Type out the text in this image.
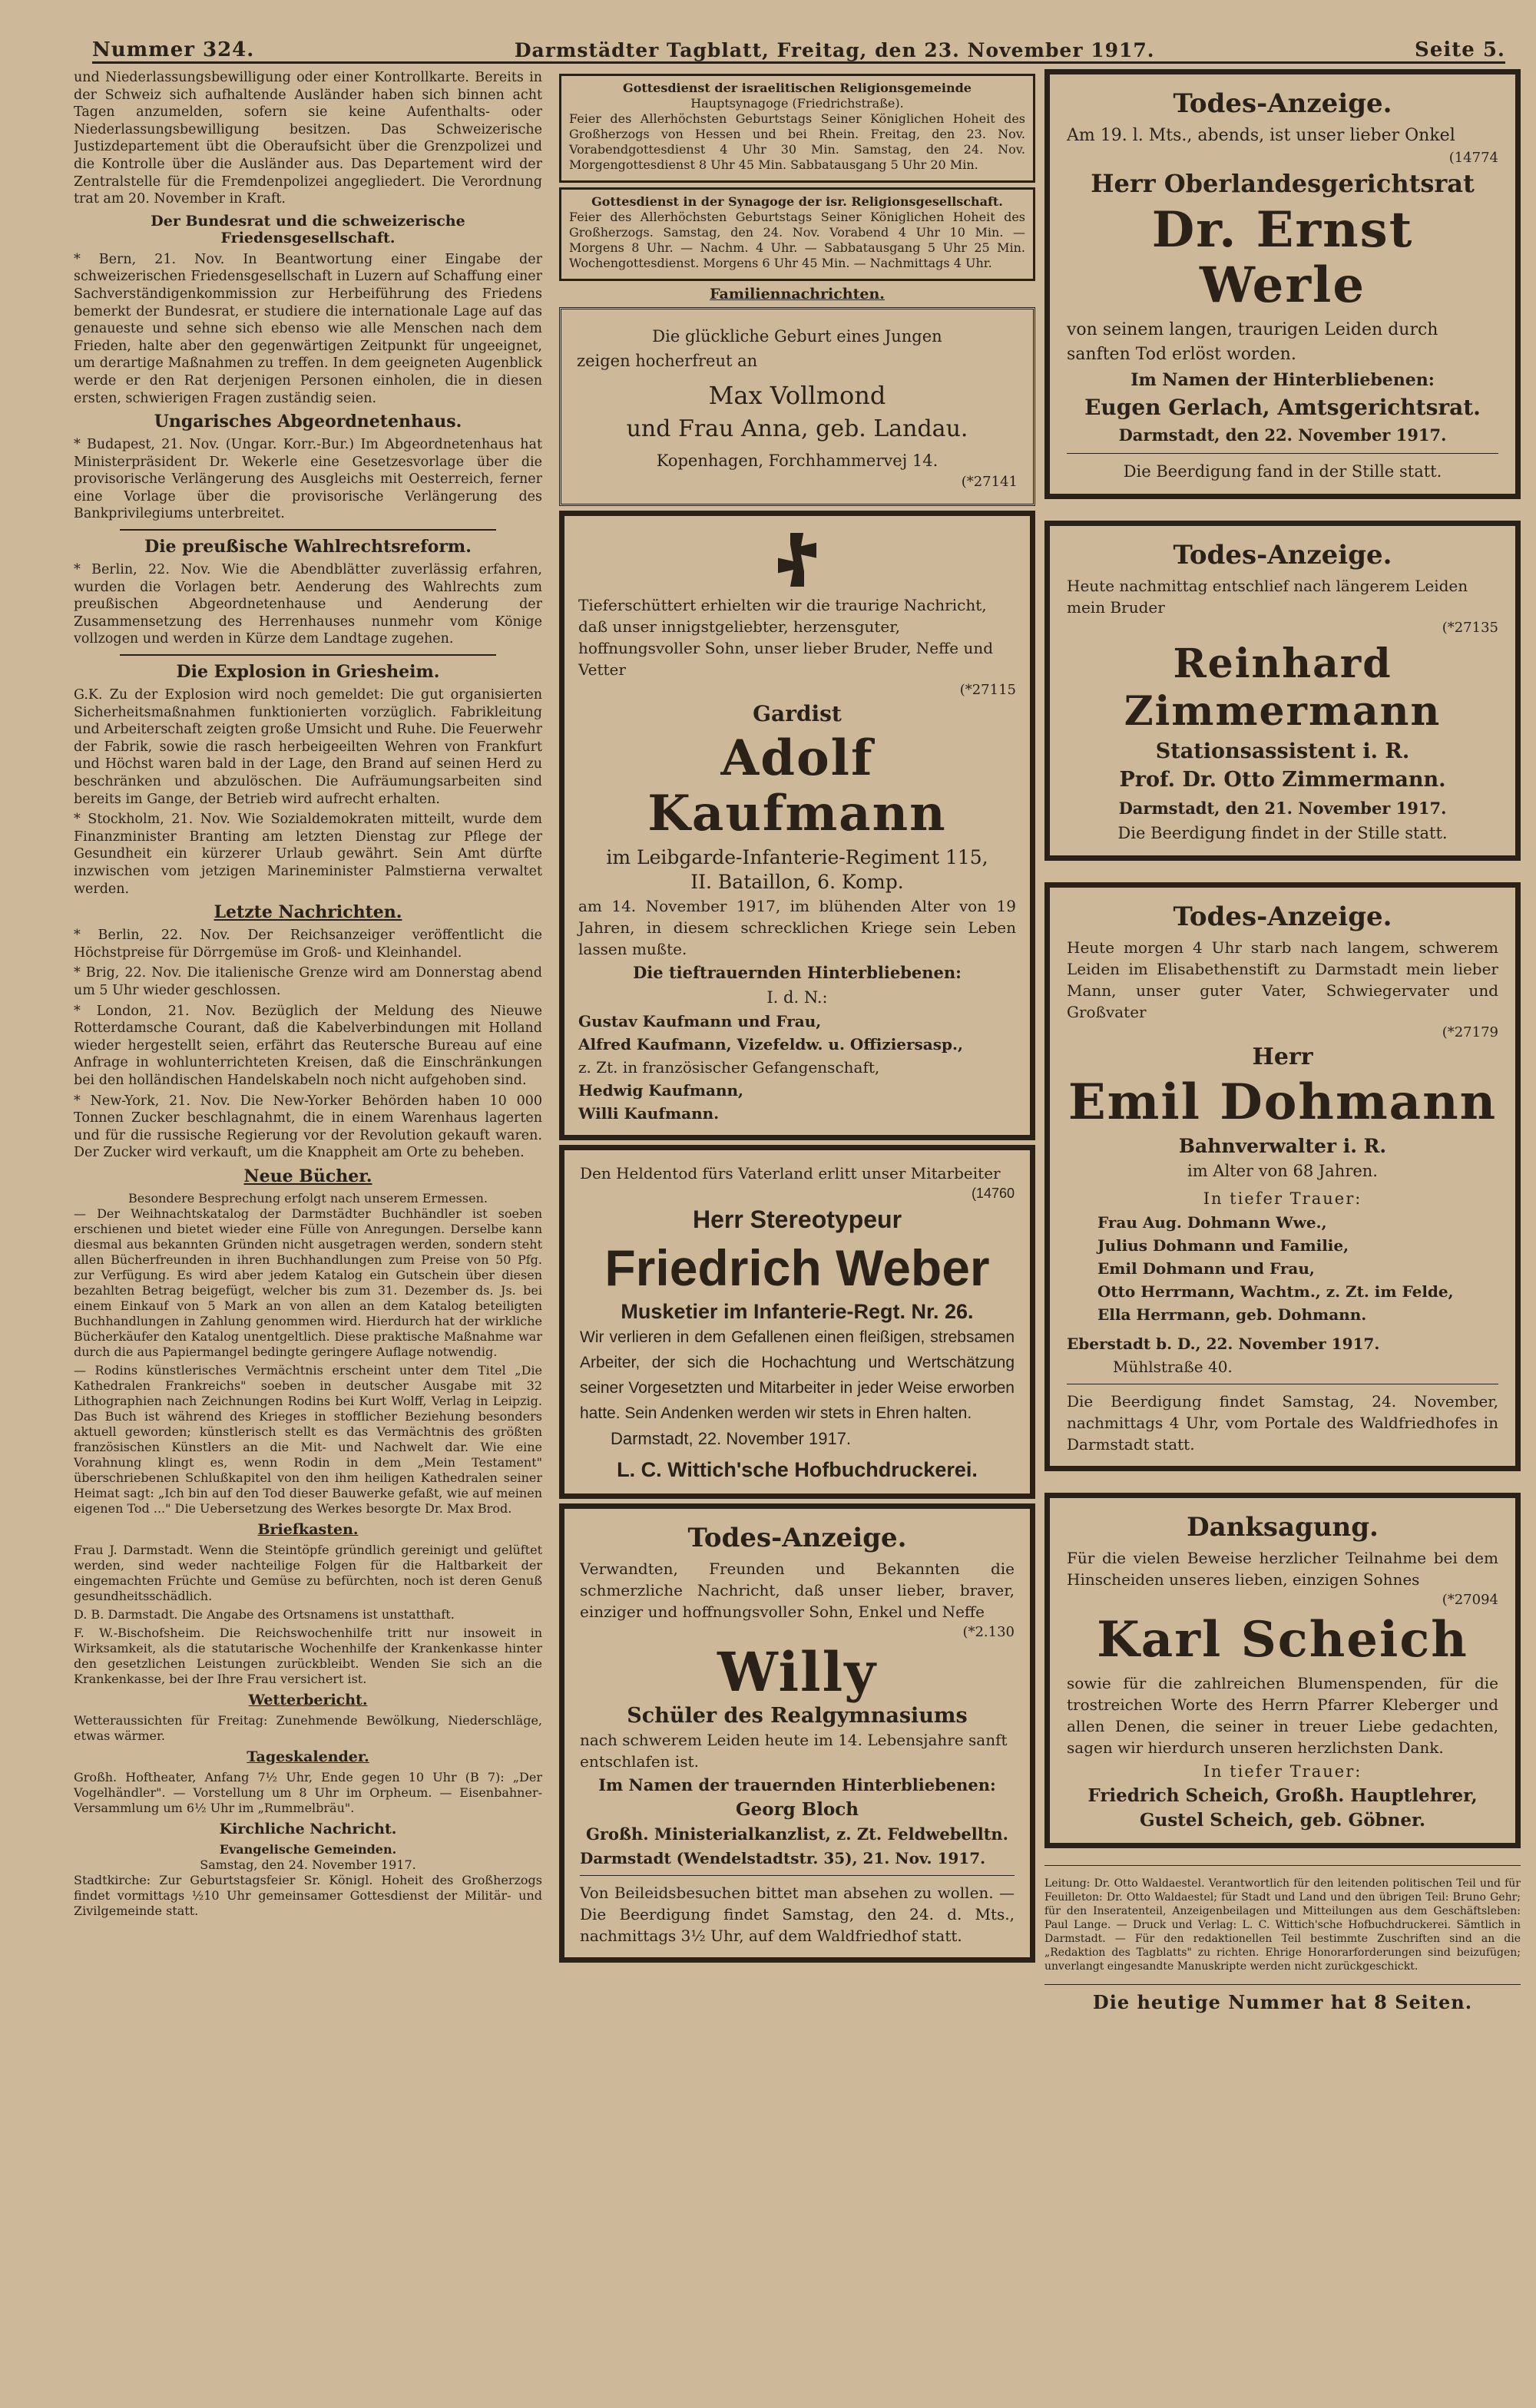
Nummer 324.	Darmstädter Tagblatt, Freitag, den 23. November 1917.	Seite 5.

und Niederlassungsbewilligung oder einer Kontrollkarte. Bereits in der Schweiz sich aufhaltende Ausländer haben sich binnen acht Tagen anzumelden, sofern sie keine Aufenthalts- oder Niederlassungsbewilligung besitzen. Das Schweizerische Justizdepartement übt die Oberaufsicht über die Grenzpolizei und die Kontrolle über die Ausländer aus. Das Departement wird der Zentralstelle für die Fremdenpolizei angegliedert. Die Verordnung trat am 20. November in Kraft.

Der Bundesrat und die schweizerische Friedensgesellschaft.

* Bern, 21. Nov. In Beantwortung einer Eingabe der schweizerischen Friedensgesellschaft in Luzern auf Schaffung einer Sachverständigenkommission zur Herbeiführung des Friedens bemerkt der Bundesrat, er studiere die internationale Lage auf das genaueste und sehne sich ebenso wie alle Menschen nach dem Frieden, halte aber den gegenwärtigen Zeitpunkt für ungeeignet, um derartige Maßnahmen zu treffen. In dem geeigneten Augenblick werde er den Rat derjenigen Personen einholen, die in diesen ersten, schwierigen Fragen zuständig seien.

Ungarisches Abgeordnetenhaus.

* Budapest, 21. Nov. (Ungar. Korr.-Bur.) Im Abgeordnetenhaus hat Ministerpräsident Dr. Wekerle eine Gesetzesvorlage über die provisorische Verlängerung des Ausgleichs mit Oesterreich, ferner eine Vorlage über die provisorische Verlängerung des Bankprivilegiums unterbreitet.

Die preußische Wahlrechtsreform.

* Berlin, 22. Nov. Wie die Abendblätter zuverlässig erfahren, wurden die Vorlagen betr. Aenderung des Wahlrechts zum preußischen Abgeordnetenhause und Aenderung der Zusammensetzung des Herrenhauses nunmehr vom Könige vollzogen und werden in Kürze dem Landtage zugehen.

Die Explosion in Griesheim.

G.K. Zu der Explosion wird noch gemeldet: Die gut organisierten Sicherheitsmaßnahmen funktionierten vorzüglich. Fabrikleitung und Arbeiterschaft zeigten große Umsicht und Ruhe. Die Feuerwehr der Fabrik, sowie die rasch herbeigeeilten Wehren von Frankfurt und Höchst waren bald in der Lage, den Brand auf seinen Herd zu beschränken und abzulöschen. Die Aufräumungsarbeiten sind bereits im Gange, der Betrieb wird aufrecht erhalten.

* Stockholm, 21. Nov. Wie Sozialdemokraten mitteilt, wurde dem Finanzminister Branting am letzten Dienstag zur Pflege der Gesundheit ein kürzerer Urlaub gewährt. Sein Amt dürfte inzwischen vom jetzigen Marineminister Palmstierna verwaltet werden.

Letzte Nachrichten.

* Berlin, 22. Nov. Der Reichsanzeiger veröffentlicht die Höchstpreise für Dörrgemüse im Groß- und Kleinhandel.

* Brig, 22. Nov. Die italienische Grenze wird am Donnerstag abend um 5 Uhr wieder geschlossen.

* London, 21. Nov. Bezüglich der Meldung des Nieuwe Rotterdamsche Courant, daß die Kabelverbindungen mit Holland wieder hergestellt seien, erfährt das Reutersche Bureau auf eine Anfrage in wohlunterrichteten Kreisen, daß die Einschränkungen bei den holländischen Handelskabeln noch nicht aufgehoben sind.

* New-York, 21. Nov. Die New-Yorker Behörden haben 10 000 Tonnen Zucker beschlagnahmt, die in einem Warenhaus lagerten und für die russische Regierung vor der Revolution gekauft waren. Der Zucker wird verkauft, um die Knappheit am Orte zu beheben.

Neue Bücher.
Besondere Besprechung erfolgt nach unserem Ermessen.

— Der Weihnachtskatalog der Darmstädter Buchhändler ist soeben erschienen und bietet wieder eine Fülle von Anregungen. Derselbe kann diesmal aus bekannten Gründen nicht ausgetragen werden, sondern steht allen Bücherfreunden in ihren Buchhandlungen zum Preise von 50 Pfg. zur Verfügung. Es wird aber jedem Katalog ein Gutschein über diesen bezahlten Betrag beigefügt, welcher bis zum 31. Dezember ds. Js. bei einem Einkauf von 5 Mark an von allen an dem Katalog beteiligten Buchhandlungen in Zahlung genommen wird. Hierdurch hat der wirkliche Bücherkäufer den Katalog unentgeltlich. Diese praktische Maßnahme war durch die aus Papiermangel bedingte geringere Auflage notwendig.

— Rodins künstlerisches Vermächtnis erscheint unter dem Titel „Die Kathedralen Frankreichs" soeben in deutscher Ausgabe mit 32 Lithographien nach Zeichnungen Rodins bei Kurt Wolff, Verlag in Leipzig. Das Buch ist während des Krieges in stofflicher Beziehung besonders aktuell geworden; künstlerisch stellt es das Vermächtnis des größten französischen Künstlers an die Mit- und Nachwelt dar. Wie eine Vorahnung klingt es, wenn Rodin in dem „Mein Testament" überschriebenen Schlußkapitel von den ihm heiligen Kathedralen seiner Heimat sagt: „Ich bin auf den Tod dieser Bauwerke gefaßt, wie auf meinen eigenen Tod ..." Die Uebersetzung des Werkes besorgte Dr. Max Brod.

Briefkasten.

Frau J. Darmstadt. Wenn die Steintöpfe gründlich gereinigt und gelüftet werden, sind weder nachteilige Folgen für die Haltbarkeit der eingemachten Früchte und Gemüse zu befürchten, noch ist deren Genuß gesundheitsschädlich.

D. B. Darmstadt. Die Angabe des Ortsnamens ist unstatthaft.

F. W.-Bischofsheim. Die Reichswochenhilfe tritt nur insoweit in Wirksamkeit, als die statutarische Wochenhilfe der Krankenkasse hinter den gesetzlichen Leistungen zurückbleibt. Wenden Sie sich an die Krankenkasse, bei der Ihre Frau versichert ist.

Wetterbericht.

Wetteraussichten für Freitag: Zunehmende Bewölkung, Niederschläge, etwas wärmer.

Tageskalender.

Großh. Hoftheater, Anfang 7½ Uhr, Ende gegen 10 Uhr (B 7): „Der Vogelhändler". — Vorstellung um 8 Uhr im Orpheum. — Eisenbahner-Versammlung um 6½ Uhr im „Rummelbräu".

Kirchliche Nachricht.
Evangelische Gemeinden.
Samstag, den 24. November 1917.

Stadtkirche: Zur Geburtstagsfeier Sr. Königl. Hoheit des Großherzogs findet vormittags ½10 Uhr gemeinsamer Gottesdienst der Militär- und Zivilgemeinde statt.

Gottesdienst der israelitischen Religionsgemeinde
Hauptsynagoge (Friedrichstraße).

Feier des Allerhöchsten Geburtstags Seiner Königlichen Hoheit des Großherzogs von Hessen und bei Rhein. Freitag, den 23. Nov. Vorabendgottesdienst 4 Uhr 30 Min. Samstag, den 24. Nov. Morgengottesdienst 8 Uhr 45 Min. Sabbatausgang 5 Uhr 20 Min.

Gottesdienst in der Synagoge der isr. Religionsgesellschaft.

Feier des Allerhöchsten Geburtstags Seiner Königlichen Hoheit des Großherzogs. Samstag, den 24. Nov. Vorabend 4 Uhr 10 Min. — Morgens 8 Uhr. — Nachm. 4 Uhr. — Sabbatausgang 5 Uhr 25 Min. Wochengottesdienst. Morgens 6 Uhr 45 Min. — Nachmittags 4 Uhr.

Familiennachrichten.
Die glückliche Geburt eines Jungen
zeigen hocherfreut an
Max Vollmond
und Frau Anna, geb. Landau.
Kopenhagen, Forchhammervej 14.
(*27141

Tieferschüttert erhielten wir die traurige Nachricht, daß unser innigstgeliebter, herzensguter, hoffnungsvoller Sohn, unser lieber Bruder, Neffe und Vetter

(*27115
Gardist
Adolf Kaufmann
im Leibgarde-Infanterie-Regiment 115,
II. Bataillon, 6. Komp.

am 14. November 1917, im blühenden Alter von 19 Jahren, in diesem schrecklichen Kriege sein Leben lassen mußte.

Die tieftrauernden Hinterbliebenen:
I. d. N.:
Gustav Kaufmann und Frau,
Alfred Kaufmann, Vizefeldw. u. Offiziersasp.,
z. Zt. in französischer Gefangenschaft,
Hedwig Kaufmann,
Willi Kaufmann.

Den Heldentod fürs Vaterland erlitt unser Mitarbeiter

(14760
Herr Stereotypeur
Friedrich Weber
Musketier im Infanterie-Regt. Nr. 26.

Wir verlieren in dem Gefallenen einen fleißigen, strebsamen Arbeiter, der sich die Hochachtung und Wertschätzung seiner Vorgesetzten und Mitarbeiter in jeder Weise erworben hatte. Sein Andenken werden wir stets in Ehren halten.

Darmstadt, 22. November 1917.
L. C. Wittich'sche Hofbuchdruckerei.
Todes-Anzeige.

Verwandten, Freunden und Bekannten die schmerzliche Nachricht, daß unser lieber, braver, einziger und hoffnungsvoller Sohn, Enkel und Neffe

(*2.130
Willy
Schüler des Realgymnasiums

nach schwerem Leiden heute im 14. Lebensjahre sanft entschlafen ist.

Im Namen der trauernden Hinterbliebenen:
Georg Bloch
Großh. Ministerialkanzlist, z. Zt. Feldwebelltn.
Darmstadt (Wendelstadtstr. 35), 21. Nov. 1917.

Von Beileidsbesuchen bittet man absehen zu wollen. — Die Beerdigung findet Samstag, den 24. d. Mts., nachmittags 3½ Uhr, auf dem Waldfriedhof statt.

Todes-Anzeige.

Am 19. l. Mts., abends, ist unser lieber Onkel

(14774
Herr Oberlandesgerichtsrat
Dr. Ernst Werle

von seinem langen, traurigen Leiden durch sanften Tod erlöst worden.

Im Namen der Hinterbliebenen:
Eugen Gerlach, Amtsgerichtsrat.
Darmstadt, den 22. November 1917.
Die Beerdigung fand in der Stille statt.
Todes-Anzeige.

Heute nachmittag entschlief nach längerem Leiden mein Bruder

(*27135
Reinhard Zimmermann
Stationsassistent i. R.
Prof. Dr. Otto Zimmermann.
Darmstadt, den 21. November 1917.
Die Beerdigung findet in der Stille statt.
Todes-Anzeige.

Heute morgen 4 Uhr starb nach langem, schwerem Leiden im Elisabethenstift zu Darmstadt mein lieber Mann, unser guter Vater, Schwiegervater und Großvater

(*27179
Herr
Emil Dohmann
Bahnverwalter i. R.
im Alter von 68 Jahren.
In tiefer Trauer:
Frau Aug. Dohmann Wwe.,
Julius Dohmann und Familie,
Emil Dohmann und Frau,
Otto Herrmann, Wachtm., z. Zt. im Felde,
Ella Herrmann, geb. Dohmann.
Eberstadt b. D., 22. November 1917.
Mühlstraße 40.

Die Beerdigung findet Samstag, 24. November, nachmittags 4 Uhr, vom Portale des Waldfriedhofes in Darmstadt statt.

Danksagung.

Für die vielen Beweise herzlicher Teilnahme bei dem Hinscheiden unseres lieben, einzigen Sohnes

(*27094
Karl Scheich

sowie für die zahlreichen Blumenspenden, für die trostreichen Worte des Herrn Pfarrer Kleberger und allen Denen, die seiner in treuer Liebe gedachten, sagen wir hierdurch unseren herzlichsten Dank.

In tiefer Trauer:
Friedrich Scheich, Großh. Hauptlehrer,
Gustel Scheich, geb. Göbner.

Leitung: Dr. Otto Waldaestel. Verantwortlich für den leitenden politischen Teil und für Feuilleton: Dr. Otto Waldaestel; für Stadt und Land und den übrigen Teil: Bruno Gehr; für den Inseratenteil, Anzeigenbeilagen und Mitteilungen aus dem Geschäftsleben: Paul Lange. — Druck und Verlag: L. C. Wittich'sche Hofbuchdruckerei. Sämtlich in Darmstadt. — Für den redaktionellen Teil bestimmte Zuschriften sind an die „Redaktion des Tagblatts" zu richten. Ehrige Honorarforderungen sind beizufügen; unverlangt eingesandte Manuskripte werden nicht zurückgeschickt.

Die heutige Nummer hat 8 Seiten.
